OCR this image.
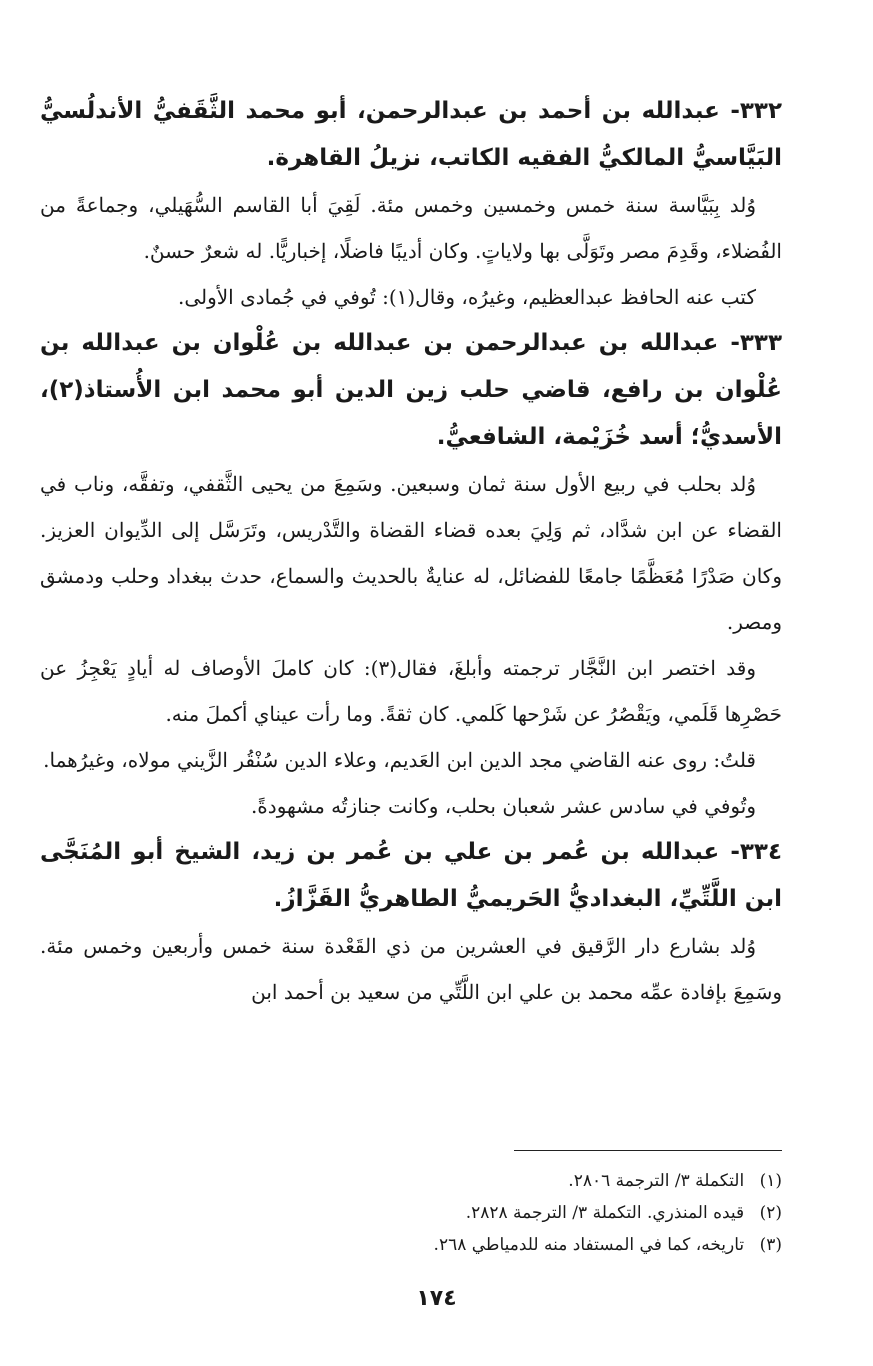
٣٣٢- عبدالله بن أحمد بن عبدالرحمن، أبو محمد الثَّقَفيُّ الأندلُسيُّ البَيَّاسيُّ المالكيُّ الفقيه الكاتب، نزيلُ القاهرة.

وُلد بِبَيَّاسة سنة خمس وخمسين وخمس مئة. لَقِيَ أبا القاسم السُّهَيلي، وجماعةً من الفُضلاء، وقَدِمَ مصر وتَوَلَّى بها ولاياتٍ. وكان أديبًا فاضلًا، إخباريًّا. له شعرٌ حسنٌ.

كتب عنه الحافظ عبدالعظيم، وغيرُه، وقال(١): تُوفي في جُمادى الأولى.

٣٣٣- عبدالله بن عبدالرحمن بن عبدالله بن عُلْوان بن عبدالله بن عُلْوان بن رافع، قاضي حلب زين الدين أبو محمد ابن الأُستاذ(٢)، الأسديُّ؛ أسد خُزَيْمة، الشافعيُّ.

وُلد بحلب في ربيع الأول سنة ثمان وسبعين. وسَمِعَ من يحيى الثَّقفي، وتفقَّه، وناب في القضاء عن ابن شدَّاد، ثم وَلِيَ بعده قضاء القضاة والتَّدْريس، وتَرَسَّل إلى الدِّيوان العزيز. وكان صَدْرًا مُعَظَّمًا جامعًا للفضائل، له عنايةٌ بالحديث والسماع، حدث ببغداد وحلب ودمشق ومصر.

وقد اختصر ابن النَّجَّار ترجمته وأبلغَ، فقال(٣): كان كاملَ الأوصاف له أيادٍ يَعْجِزُ عن حَصْرِها قَلَمي، ويَقْصُرُ عن شَرْحها كَلمي. كان ثقةً. وما رأت عيناي أكملَ منه.

قلتُ: روى عنه القاضي مجد الدين ابن العَديم، وعلاء الدين سُنْقُر الزَّيني مولاه، وغيرُهما.

وتُوفي في سادس عشر شعبان بحلب، وكانت جنازتُه مشهودةً.

٣٣٤- عبدالله بن عُمر بن علي بن عُمر بن زيد، الشيخ أبو المُنَجَّى ابن اللَّتِّيِّ، البغداديُّ الحَريميُّ الطاهريُّ القَزَّازُ.

وُلد بشارع دار الرَّقيق في العشرين من ذي القَعْدة سنة خمس وأربعين وخمس مئة. وسَمِعَ بإفادة عمِّه محمد بن علي ابن اللَّتِّي من سعيد بن أحمد ابن

(١) التكملة ٣/ الترجمة ٢٨٠٦.

(٢) قيده المنذري. التكملة ٣/ الترجمة ٢٨٢٨.

(٣) تاريخه، كما في المستفاد منه للدمياطي ٢٦٨.

١٧٤
